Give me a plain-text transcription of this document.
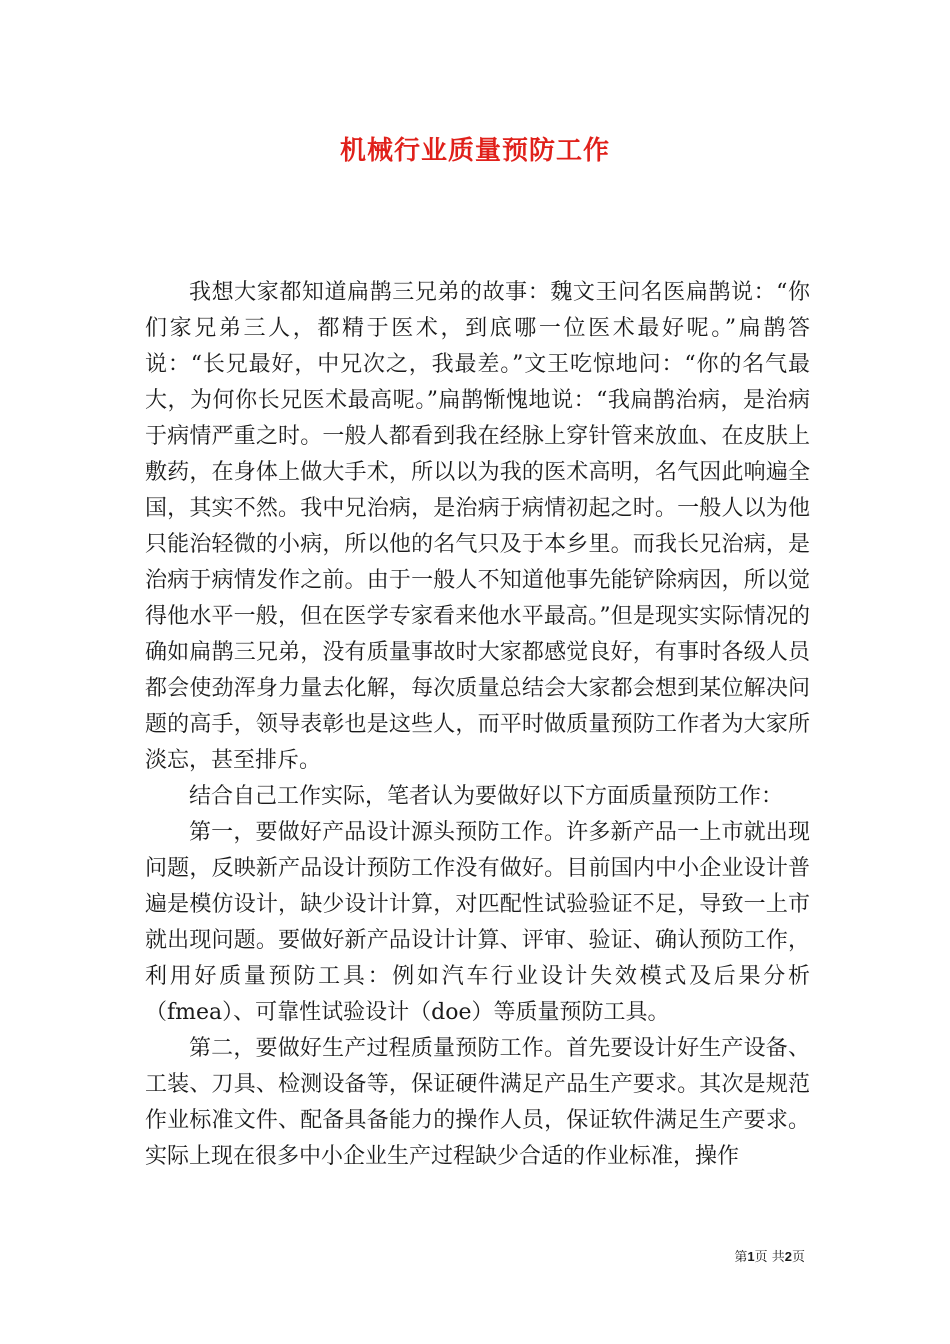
机械行业质量预防工作

我想大家都知道扁鹊三兄弟的故事：魏文王问名医扁鹊说：“你们家兄弟三人，都精于医术，到底哪一位医术最好呢。”扁鹊答说：“长兄最好，中兄次之，我最差。”文王吃惊地问：“你的名气最大，为何你长兄医术最高呢。”扁鹊惭愧地说：“我扁鹊治病，是治病于病情严重之时。一般人都看到我在经脉上穿针管来放血、在皮肤上敷药，在身体上做大手术，所以以为我的医术高明，名气因此响遍全国，其实不然。我中兄治病，是治病于病情初起之时。一般人以为他只能治轻微的小病，所以他的名气只及于本乡里。而我长兄治病，是治病于病情发作之前。由于一般人不知道他事先能铲除病因，所以觉得他水平一般，但在医学专家看来他水平最高。”但是现实实际情况的确如扁鹊三兄弟，没有质量事故时大家都感觉良好，有事时各级人员都会使劲浑身力量去化解，每次质量总结会大家都会想到某位解决问题的高手，领导表彰也是这些人，而平时做质量预防工作者为大家所淡忘，甚至排斥。

结合自己工作实际，笔者认为要做好以下方面质量预防工作：

第一，要做好产品设计源头预防工作。许多新产品一上市就出现问题，反映新产品设计预防工作没有做好。目前国内中小企业设计普遍是模仿设计，缺少设计计算，对匹配性试验验证不足，导致一上市就出现问题。要做好新产品设计计算、评审、验证、确认预防工作，利用好质量预防工具：例如汽车行业设计失效模式及后果分析（fmea）、可靠性试验设计（doe）等质量预防工具。

第二，要做好生产过程质量预防工作。首先要设计好生产设备、工装、刀具、检测设备等，保证硬件满足产品生产要求。其次是规范作业标准文件、配备具备能力的操作人员，保证软件满足生产要求。实际上现在很多中小企业生产过程缺少合适的作业标准，操作

第1页 共2页
